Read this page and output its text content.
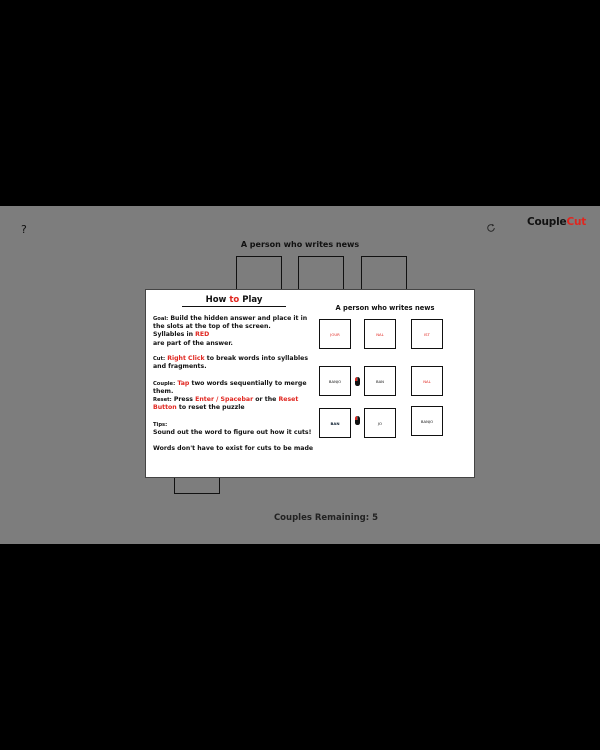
?
CoupleCut
A person who writes news
Couples Remaining: 5
How to Play
Goal: Build the hidden answer and place it in the slots at the top of the screen.
Syllables in RED
are part of the answer.
Cut: Right Click to break words into syllables and fragments.
Couple: Tap two words sequentially to merge them.
Reset: Press Enter / Spacebar or the Reset Button to reset the puzzle
Tips:
Sound out the word to figure out how it cuts!
Words don't have to exist for cuts to be made
A person who writes news
JOUR	NAL	IST
BANJO	BAN	NAL
BAN	JO	BANJO
